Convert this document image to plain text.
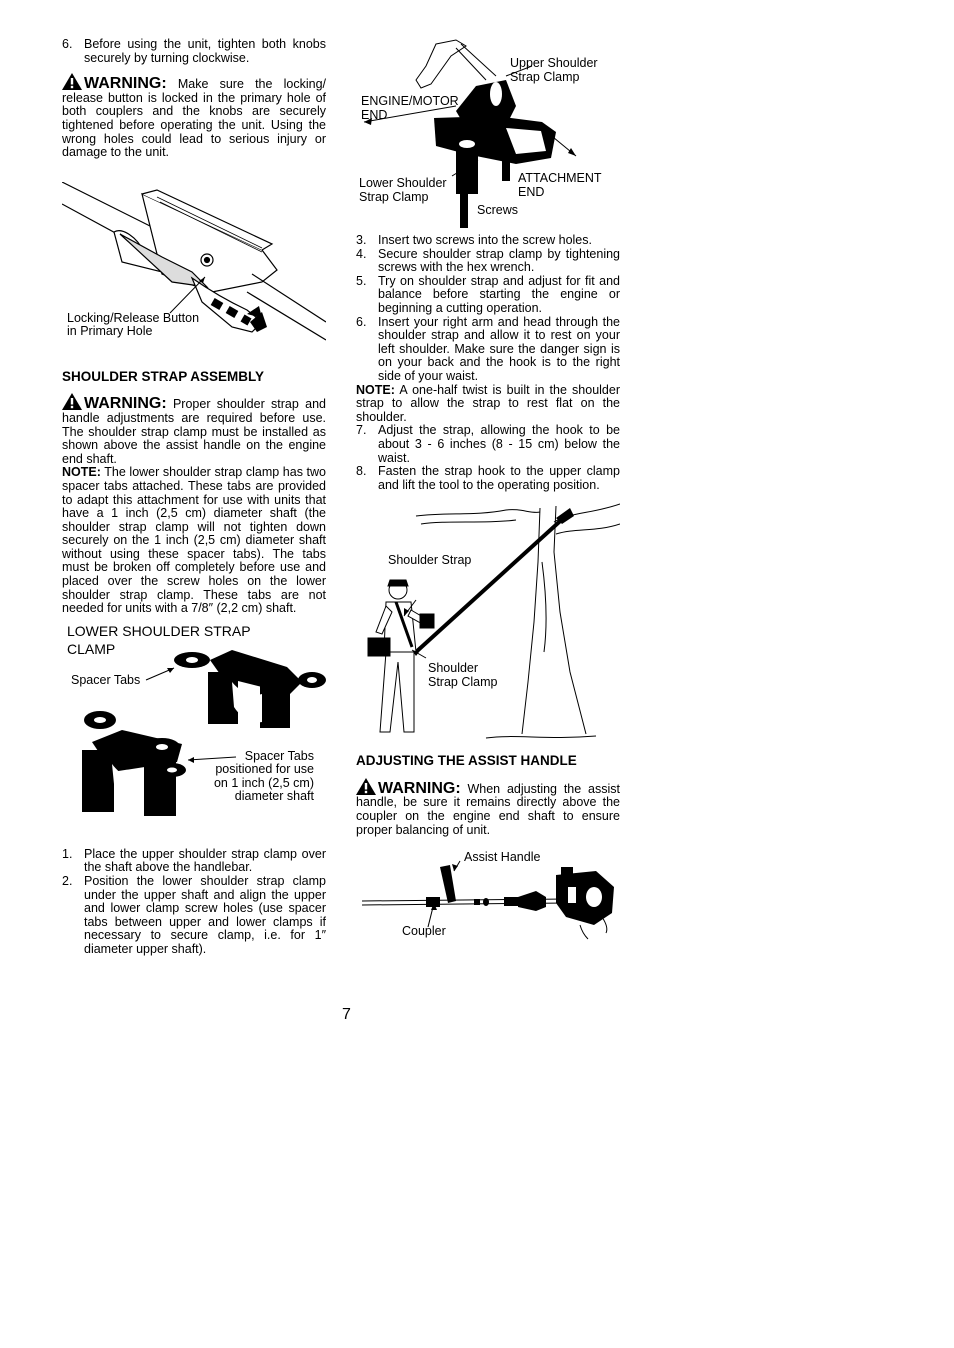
6. Before using the unit, tighten both knobs securely by turning clockwise.

WARNING: Make sure the locking/ release button is locked in the primary hole of both couplers and the knobs are securely tightened before operating the unit. Using the wrong holes could lead to serious injury or damage to the unit.

Locking/Release Button in Primary Hole
SHOULDER STRAP ASSEMBLY

WARNING: Proper shoulder strap and handle adjustments are required before use. The shoulder strap clamp must be installed as shown above the assist handle on the engine end shaft.

NOTE: The lower shoulder strap clamp has two spacer tabs attached. These tabs are provided to adapt this attachment for use with units that have a 1 inch (2,5 cm) diameter shaft (the shoulder strap clamp will not tighten down securely on the 1 inch (2,5 cm) diameter shaft without using these spacer tabs). The tabs must be broken off completely before use and placed over the screw holes on the lower shoulder strap clamp. These tabs are not needed for units with a 7/8″ (2,2 cm) shaft.

LOWER SHOULDER STRAP CLAMP
Spacer Tabs
Spacer Tabs positioned for use on 1 inch (2,5 cm) diameter shaft
1. Place the upper shoulder strap clamp over the shaft above the handlebar.
2. Position the lower shoulder strap clamp under the upper shaft and align the upper and lower clamp screw holes (use spacer tabs between upper and lower clamps if necessary to secure clamp, i.e. for 1″ diameter upper shaft).
Upper Shoulder Strap Clamp
ENGINE/MOTOR END
Lower Shoulder Strap Clamp
ATTACHMENT END
Screws
3. Insert two screws into the screw holes.
4. Secure shoulder strap clamp by tightening screws with the hex wrench.
5. Try on shoulder strap and adjust for fit and balance before starting the engine or beginning a cutting operation.
6. Insert your right arm and head through the shoulder strap and allow it to rest on your left shoulder. Make sure the danger sign is on your back and the hook is to the right side of your waist.

NOTE: A one-half twist is built in the shoulder strap to allow the strap to rest flat on the shoulder.

7. Adjust the strap, allowing the hook to be about 3 - 6 inches (8 - 15 cm) below the waist.
8. Fasten the strap hook to the upper clamp and lift the tool to the operating position.
Shoulder Strap
Shoulder Strap Clamp
ADJUSTING THE ASSIST HANDLE

WARNING: When adjusting the assist handle, be sure it remains directly above the coupler on the engine end shaft to ensure proper balancing of unit.

Assist Handle
Coupler
7
